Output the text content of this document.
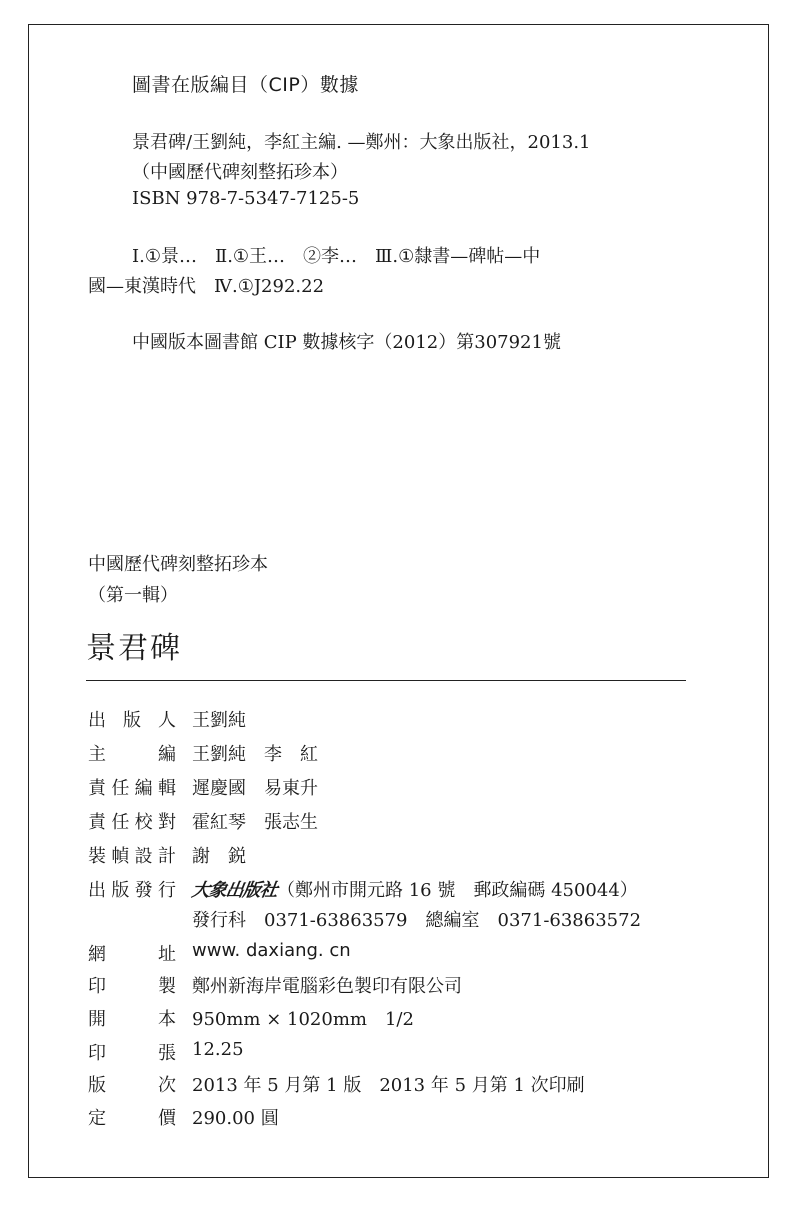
圖書在版編目（CIP）數據
景君碑/王劉純，李紅主編. —鄭州：大象出版社，2013.1
（中國歷代碑刻整拓珍本）
ISBN 978-7-5347-7125-5
Ⅰ.①景…　Ⅱ.①王…　②李…　Ⅲ.①隸書—碑帖—中
國—東漢時代　Ⅳ.①J292.22
中國版本圖書館 CIP 數據核字（2012）第307921號
中國歷代碑刻整拓珍本
（第一輯）
景君碑
出 版 人 王劉純
主	編 王劉純　李　紅
責 任 編 輯 遲慶國　易東升
責 任 校 對 霍紅琴　張志生
裝 幀 設 計 謝　鋭
出 版 發 行 大象出版社（鄭州市開元路 16 號　郵政編碼 450044）
發行科　0371-63863579　總編室　0371-63863572
網	址 www. daxiang. cn
印	製 鄭州新海岸電腦彩色製印有限公司
開	本 950mm × 1020mm　1/2
印	張 12.25
版	次 2013 年 5 月第 1 版　2013 年 5 月第 1 次印刷
定	價 290.00 圓
